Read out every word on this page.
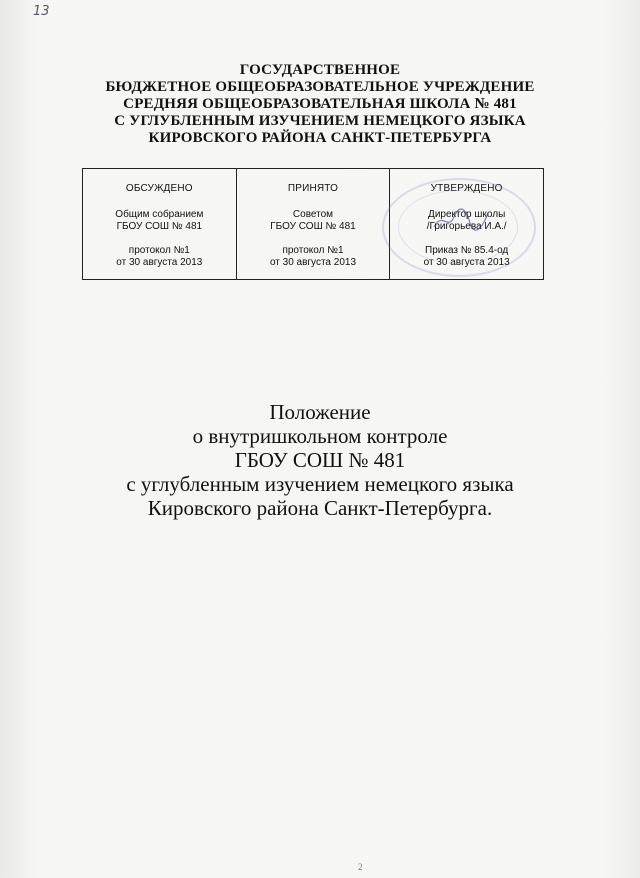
13
ГОСУДАРСТВЕННОЕ
БЮДЖЕТНОЕ ОБЩЕОБРАЗОВАТЕЛЬНОЕ УЧРЕЖДЕНИЕ
СРЕДНЯЯ ОБЩЕОБРАЗОВАТЕЛЬНАЯ ШКОЛА № 481
С УГЛУБЛЕННЫМ ИЗУЧЕНИЕМ НЕМЕЦКОГО ЯЗЫКА
КИРОВСКОГО РАЙОНА САНКТ-ПЕТЕРБУРГА
ОБСУЖДЕНО
Общим собранием
ГБОУ СОШ № 481
протокол №1
от 30 августа 2013

ПРИНЯТО
Советом
ГБОУ СОШ № 481
протокол №1
от 30 августа 2013

УТВЕРЖДЕНО
Директор школы
/Григорьева И.А./
Приказ № 85.4-од
от 30 августа 2013
Положение
о внутришкольном контроле
ГБОУ СОШ № 481
с углубленным изучением немецкого языка
Кировского района Санкт-Петербурга.
2
